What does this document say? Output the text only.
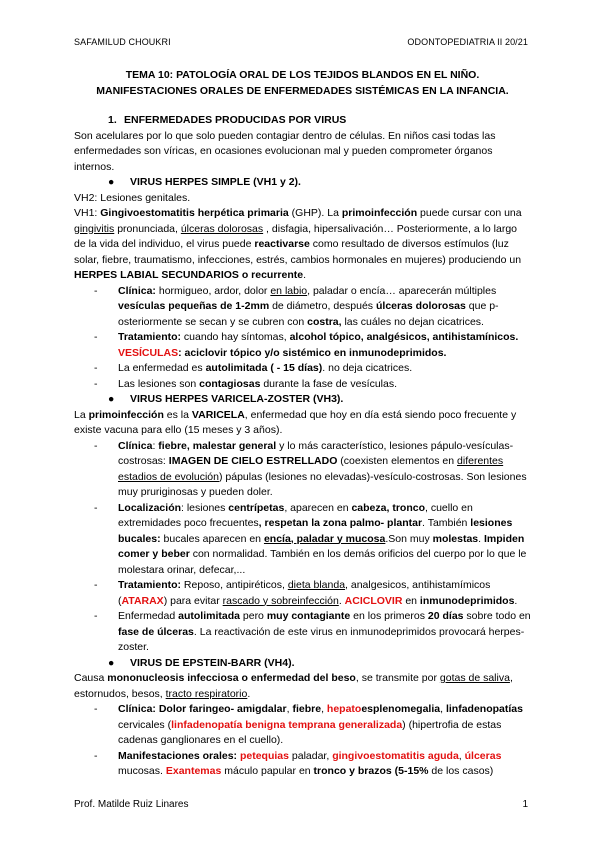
SAFAMILUD CHOUKRI	ODONTOPEDIATRIA II 20/21
TEMA 10: PATOLOGÍA ORAL DE LOS TEJIDOS BLANDOS EN EL NIÑO.
MANIFESTACIONES ORALES DE ENFERMEDADES SISTÉMICAS EN LA INFANCIA.
1. ENFERMEDADES PRODUCIDAS POR VIRUS

Son acelulares por lo que solo pueden contagiar dentro de células. En niños casi todas las enfermedades son víricas, en ocasiones evolucionan mal y pueden comprometer órganos internos.

● VIRUS HERPES SIMPLE (VH1 y 2).

VH2: Lesiones genitales.

VH1: Gingivoestomatitis herpética primaria (GHP). La primoinfección puede cursar con una gingivitis pronunciada, úlceras dolorosas , disfagia, hipersalivación… Posteriormente, a lo largo de la vida del individuo, el virus puede reactivarse como resultado de diversos estímulos (luz solar, fiebre, traumatismo, infecciones, estrés, cambios hormonales en mujeres) produciendo un HERPES LABIAL SECUNDARIOS o recurrente.

- Clínica: hormigueo, ardor, dolor en labio, paladar o encía… aparecerán múltiples vesículas pequeñas de 1-2mm de diámetro, después úlceras dolorosas que p-osteriormente se secan y se cubren con costra, las cuáles no dejan cicatrices.
- Tratamiento: cuando hay síntomas, alcohol tópico, analgésicos, antihistamínicos. VESÍCULAS: aciclovir tópico y/o sistémico en inmunodeprimidos.
- La enfermedad es autolimitada ( - 15 días). no deja cicatrices.
- Las lesiones son contagiosas durante la fase de vesículas.
● VIRUS HERPES VARICELA-ZOSTER (VH3).

La primoinfección es la VARICELA, enfermedad que hoy en día está siendo poco frecuente y existe vacuna para ello (15 meses y 3 años).

- Clínica: fiebre, malestar general y lo más característico, lesiones pápulo-vesículas-costrosas: IMAGEN DE CIELO ESTRELLADO (coexisten elementos en diferentes estadios de evolución) pápulas (lesiones no elevadas)-vesículo-costrosas. Son lesiones muy pruriginosas y pueden doler.
- Localización: lesiones centrípetas, aparecen en cabeza, tronco, cuello en extremidades poco frecuentes, respetan la zona palmo- plantar. También lesiones bucales: bucales aparecen en encía, paladar y mucosa.Son muy molestas. Impiden comer y beber con normalidad. También en los demás orificios del cuerpo por lo que le molestara orinar, defecar,...
- Tratamiento: Reposo, antipiréticos, dieta blanda, analgesicos, antihistamímicos (ATARAX) para evitar rascado y sobreinfección. ACICLOVIR en inmunodeprimidos.
- Enfermedad autolimitada pero muy contagiante en los primeros 20 días sobre todo en fase de úlceras. La reactivación de este virus en inmunodeprimidos provocará herpes-zoster.
● VIRUS DE EPSTEIN-BARR (VH4).

Causa mononucleosis infecciosa o enfermedad del beso, se transmite por gotas de saliva, estornudos, besos, tracto respiratorio.

- Clínica: Dolor faringeo- amigdalar, fiebre, hepatoesplenomegalia, linfadenopatías cervicales (linfadenopatía benigna temprana generalizada) (hipertrofia de estas cadenas ganglionares en el cuello).
- Manifestaciones orales: petequias paladar, gingivoestomatitis aguda, úlceras mucosas. Exantemas máculo papular en tronco y brazos (5-15% de los casos)
Prof. Matilde Ruiz Linares	1
